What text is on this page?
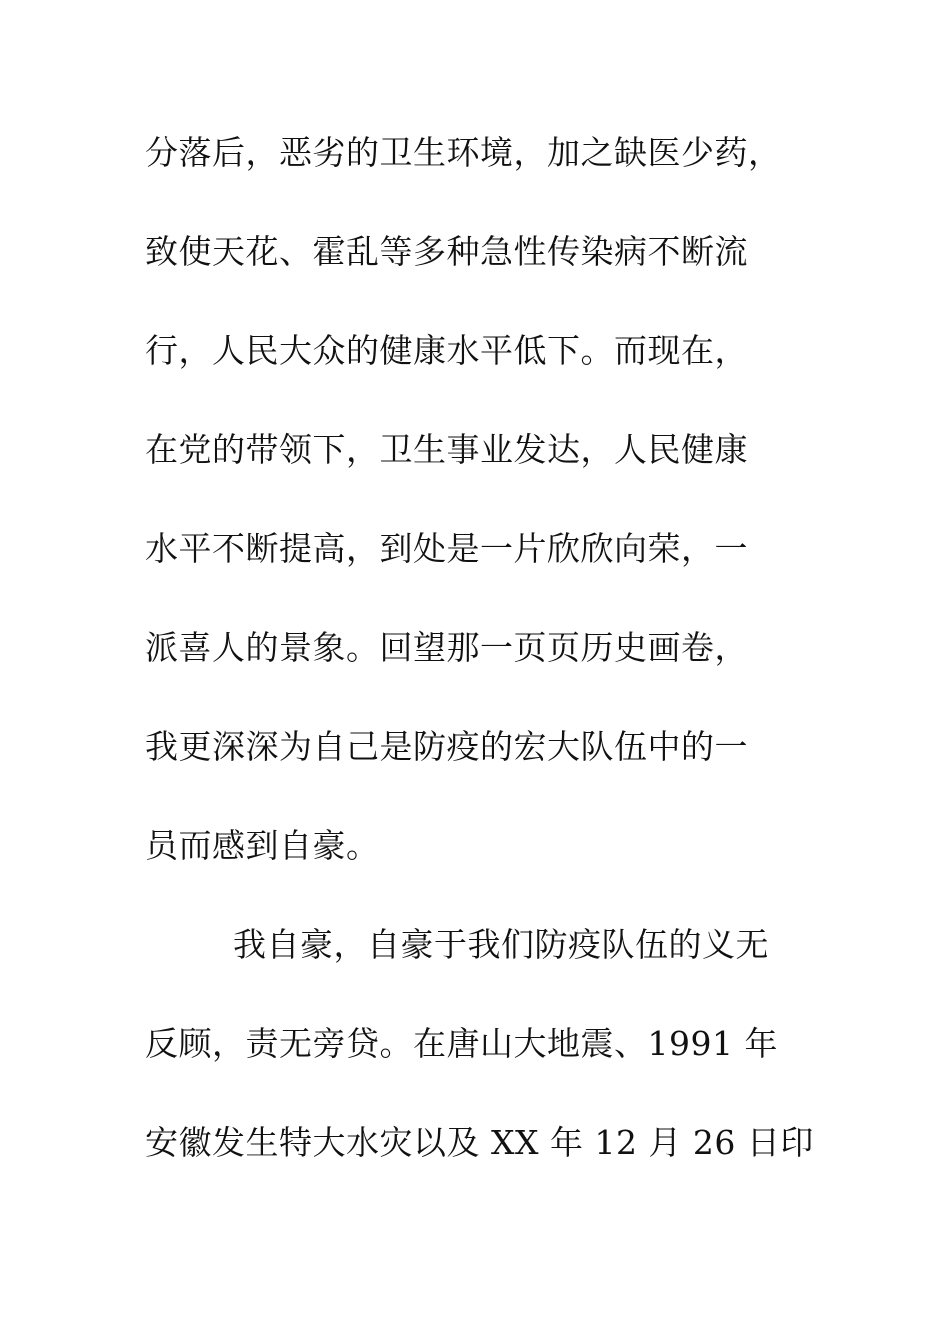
分落后，恶劣的卫生环境，加之缺医少药，
致使天花、霍乱等多种急性传染病不断流
行，人民大众的健康水平低下。而现在，
在党的带领下，卫生事业发达，人民健康
水平不断提高，到处是一片欣欣向荣，一
派喜人的景象。回望那一页页历史画卷，
我更深深为自己是防疫的宏大队伍中的一
员而感到自豪。
我自豪，自豪于我们防疫队伍的义无
反顾，责无旁贷。在唐山大地震、1991 年
安徽发生特大水灾以及 XX 年 12 月 26 日印
